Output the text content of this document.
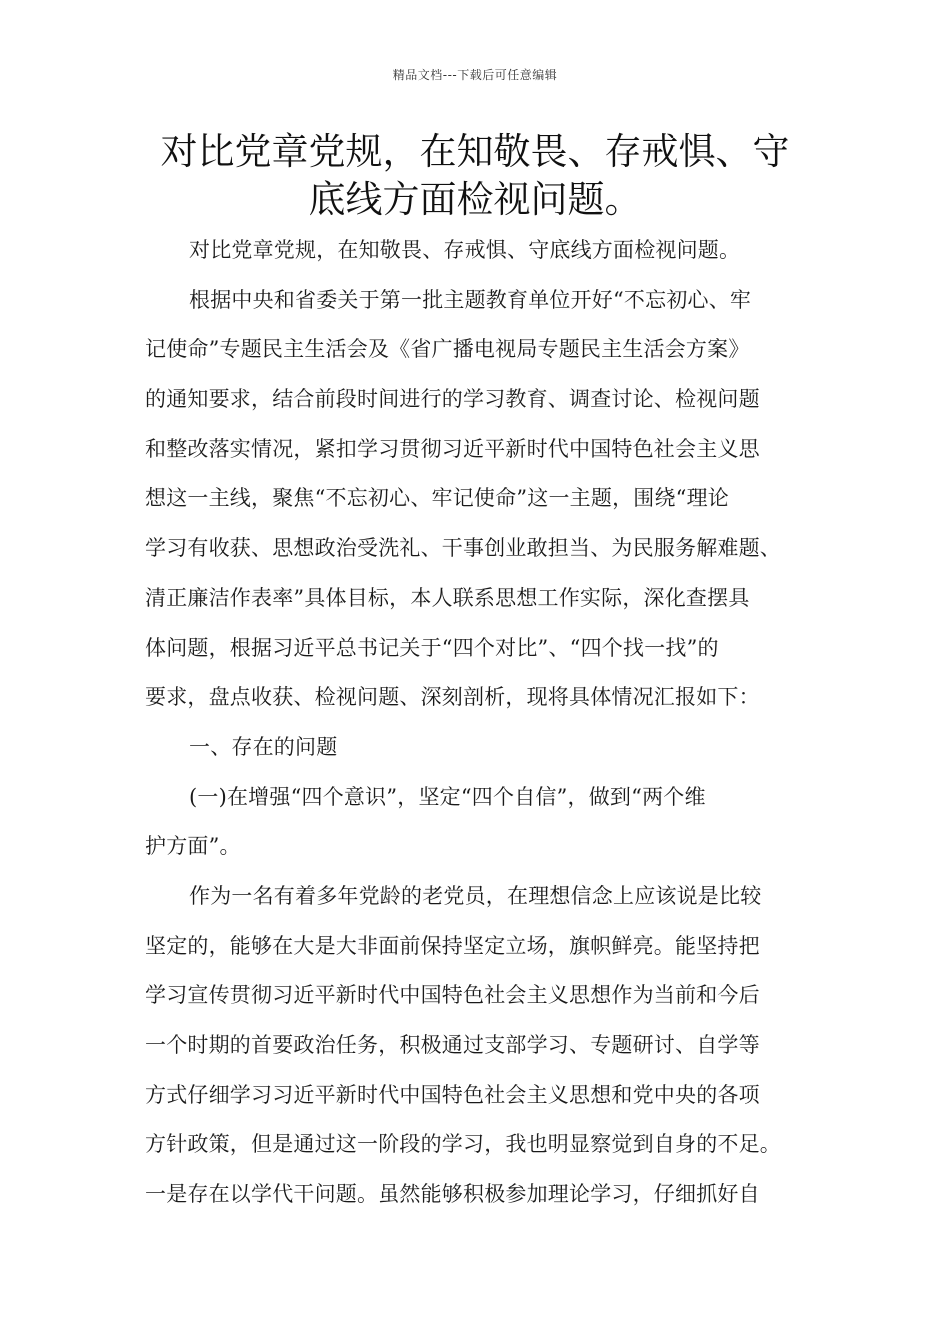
精品文档---下载后可任意编辑
对比党章党规，在知敬畏、存戒惧、守
底线方面检视问题。
对比党章党规，在知敬畏、存戒惧、守底线方面检视问题。
根据中央和省委关于第一批主题教育单位开好“不忘初心、牢
记使命”专题民主生活会及《省广播电视局专题民主生活会方案》
的通知要求，结合前段时间进行的学习教育、调查讨论、检视问题
和整改落实情况，紧扣学习贯彻习近平新时代中国特色社会主义思
想这一主线，聚焦“不忘初心、牢记使命”这一主题，围绕“理论
学习有收获、思想政治受洗礼、干事创业敢担当、为民服务解难题、
清正廉洁作表率”具体目标，本人联系思想工作实际，深化查摆具
体问题，根据习近平总书记关于“四个对比”、“四个找一找”的
要求，盘点收获、检视问题、深刻剖析，现将具体情况汇报如下：
一、存在的问题
(一)在增强“四个意识”，坚定“四个自信”，做到“两个维
护方面”。
作为一名有着多年党龄的老党员，在理想信念上应该说是比较
坚定的，能够在大是大非面前保持坚定立场，旗帜鲜亮。能坚持把
学习宣传贯彻习近平新时代中国特色社会主义思想作为当前和今后
一个时期的首要政治任务，积极通过支部学习、专题研讨、自学等
方式仔细学习习近平新时代中国特色社会主义思想和党中央的各项
方针政策，但是通过这一阶段的学习，我也明显察觉到自身的不足。
一是存在以学代干问题。虽然能够积极参加理论学习，仔细抓好自
